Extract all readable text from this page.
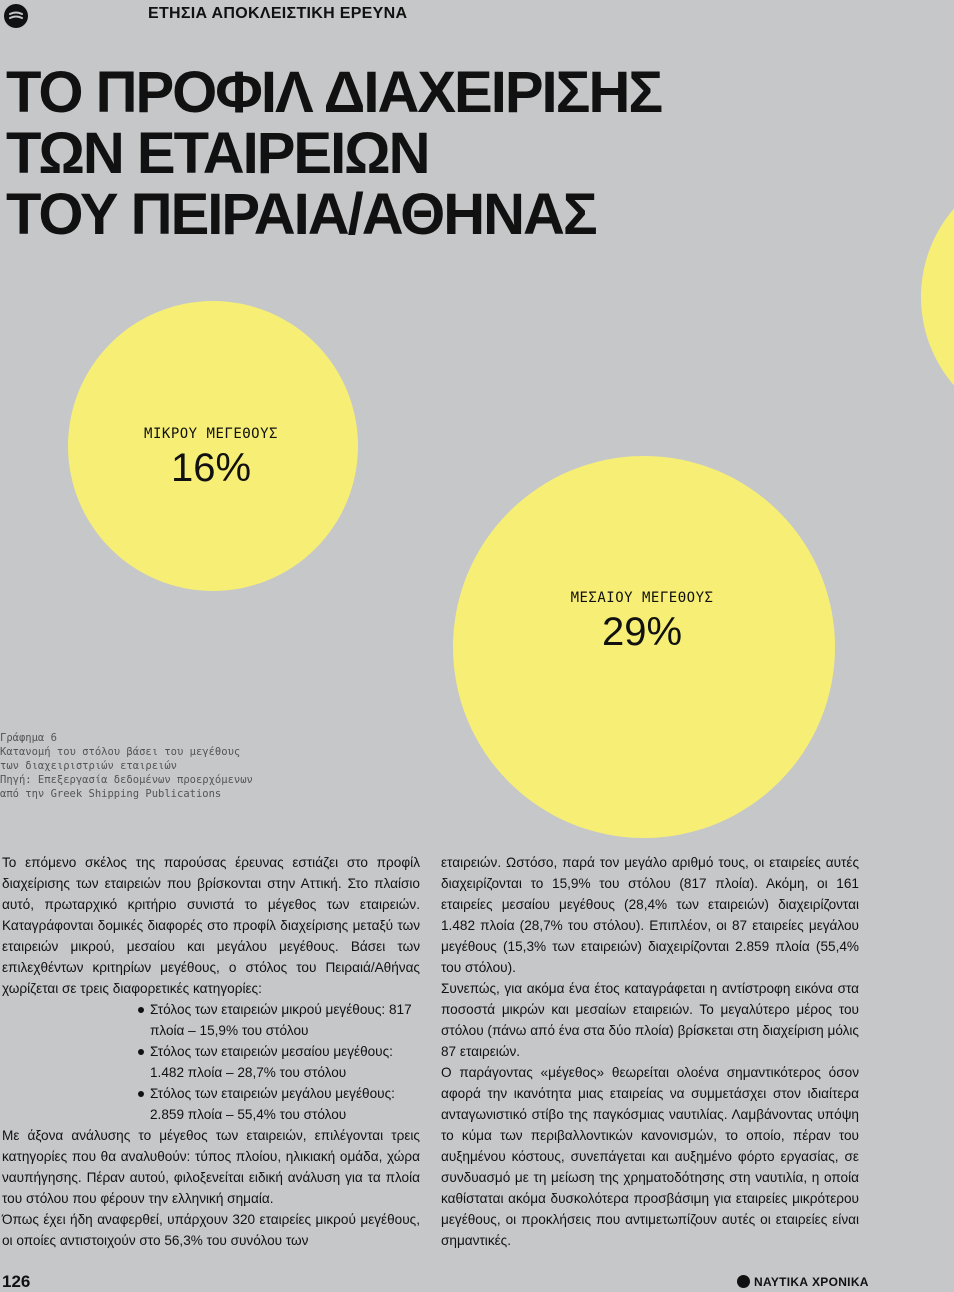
ΕΤΗΣΙΑ ΑΠΟΚΛΕΙΣΤΙΚΗ ΕΡΕΥΝΑ
ΤΟ ΠΡΟΦΙΛ ΔΙΑΧΕΙΡΙΣΗΣ
ΤΩΝ ΕΤΑΙΡΕΙΩΝ
ΤΟΥ ΠΕΙΡΑΙΑ/ΑΘΗΝΑΣ
ΜΙΚΡΟΥ ΜΕΓΕΘΟΥΣ
16%
ΜΕΣΑΙΟΥ ΜΕΓΕΘΟΥΣ
29%
Γράφημα 6
Κατανομή του στόλου βάσει του μεγέθους
των διαχειριστριών εταιρειών
Πηγή: Επεξεργασία δεδομένων προερχόμενων
από την Greek Shipping Publications

Το επόμενο σκέλος της παρούσας έρευνας εστιάζει στο προφίλ διαχείρισης των εταιρειών που βρίσκονται στην Αττική. Στο πλαίσιο αυτό, πρωταρχικό κριτήριο συνιστά το μέγεθος των εταιρειών. Καταγράφονται δομικές διαφορές στο προφίλ διαχείρισης μεταξύ των εταιρειών μικρού, μεσαίου και μεγάλου μεγέθους. Βάσει των επιλεχθέντων κριτηρίων μεγέθους, ο στόλος του Πειραιά/Αθήνας χωρίζεται σε τρεις διαφορετικές κατηγορίες:

Στόλος των εταιρειών μικρού μεγέθους: 817 πλοία – 15,9% του στόλου
Στόλος των εταιρειών μεσαίου μεγέθους: 1.482 πλοία – 28,7% του στόλου
Στόλος των εταιρειών μεγάλου μεγέθους: 2.859 πλοία – 55,4% του στόλου

Με άξονα ανάλυσης το μέγεθος των εταιρειών, επιλέγονται τρεις κατηγορίες που θα αναλυθούν: τύπος πλοίου, ηλικιακή ομάδα, χώρα ναυπήγησης. Πέραν αυτού, φιλοξενείται ειδική ανάλυση για τα πλοία του στόλου που φέρουν την ελληνική σημαία.

Όπως έχει ήδη αναφερθεί, υπάρχουν 320 εταιρείες μικρού μεγέθους, οι οποίες αντιστοιχούν στο 56,3% του συνόλου των

εταιρειών. Ωστόσο, παρά τον μεγάλο αριθμό τους, οι εταιρείες αυτές διαχειρίζονται το 15,9% του στόλου (817 πλοία). Ακόμη, οι 161 εταιρείες μεσαίου μεγέθους (28,4% των εταιρειών) διαχειρίζονται 1.482 πλοία (28,7% του στόλου). Επιπλέον, οι 87 εταιρείες μεγάλου μεγέθους (15,3% των εταιρειών) διαχειρίζονται 2.859 πλοία (55,4% του στόλου).

Συνεπώς, για ακόμα ένα έτος καταγράφεται η αντίστροφη εικόνα στα ποσοστά μικρών και μεσαίων εταιρειών. Το μεγαλύτερο μέρος του στόλου (πάνω από ένα στα δύο πλοία) βρίσκεται στη διαχείριση μόλις 87 εταιρειών.

Ο παράγοντας «μέγεθος» θεωρείται ολοένα σημαντικότερος όσον αφορά την ικανότητα μιας εταιρείας να συμμετάσχει στον ιδιαίτερα ανταγωνιστικό στίβο της παγκόσμιας ναυτιλίας. Λαμβάνοντας υπόψη το κύμα των περιβαλλοντικών κανονισμών, το οποίο, πέραν του αυξημένου κόστους, συνεπάγεται και αυξημένο φόρτο εργασίας, σε συνδυασμό με τη μείωση της χρηματοδότησης στη ναυτιλία, η οποία καθίσταται ακόμα δυσκολότερα προσβάσιμη για εταιρείες μικρότερου μεγέθους, οι προκλήσεις που αντιμετωπίζουν αυτές οι εταιρείες είναι σημαντικές.

126	ΝΑΥΤΙΚΑ ΧΡΟΝΙΚΑ
